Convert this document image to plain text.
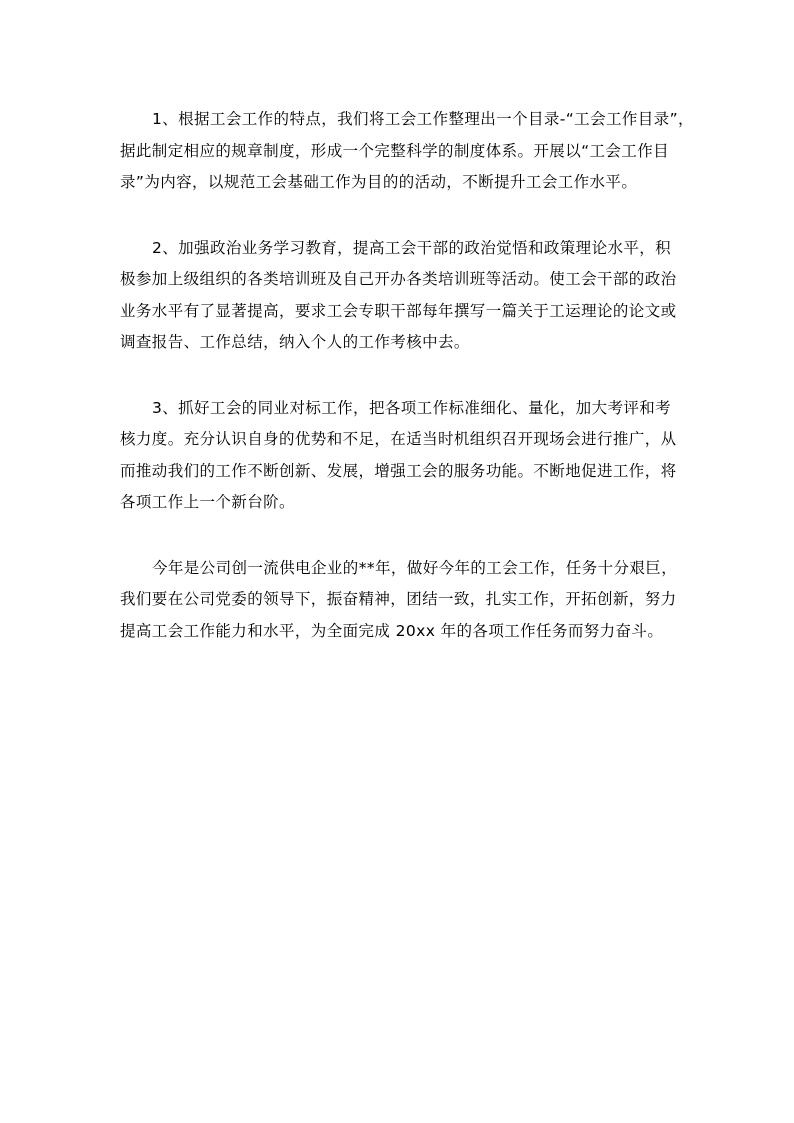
1、根据工会工作的特点，我们将工会工作整理出一个目录-“工会工作目录”，
据此制定相应的规章制度，形成一个完整科学的制度体系。开展以“工会工作目
录”为内容，以规范工会基础工作为目的的活动，不断提升工会工作水平。

2、加强政治业务学习教育，提高工会干部的政治觉悟和政策理论水平，积
极参加上级组织的各类培训班及自己开办各类培训班等活动。使工会干部的政治
业务水平有了显著提高，要求工会专职干部每年撰写一篇关于工运理论的论文或
调查报告、工作总结，纳入个人的工作考核中去。

3、抓好工会的同业对标工作，把各项工作标准细化、量化，加大考评和考
核力度。充分认识自身的优势和不足，在适当时机组织召开现场会进行推广，从
而推动我们的工作不断创新、发展，增强工会的服务功能。不断地促进工作，将
各项工作上一个新台阶。

今年是公司创一流供电企业的**年，做好今年的工会工作，任务十分艰巨，
我们要在公司党委的领导下，振奋精神，团结一致，扎实工作，开拓创新，努力
提高工会工作能力和水平，为全面完成 20xx 年的各项工作任务而努力奋斗。
